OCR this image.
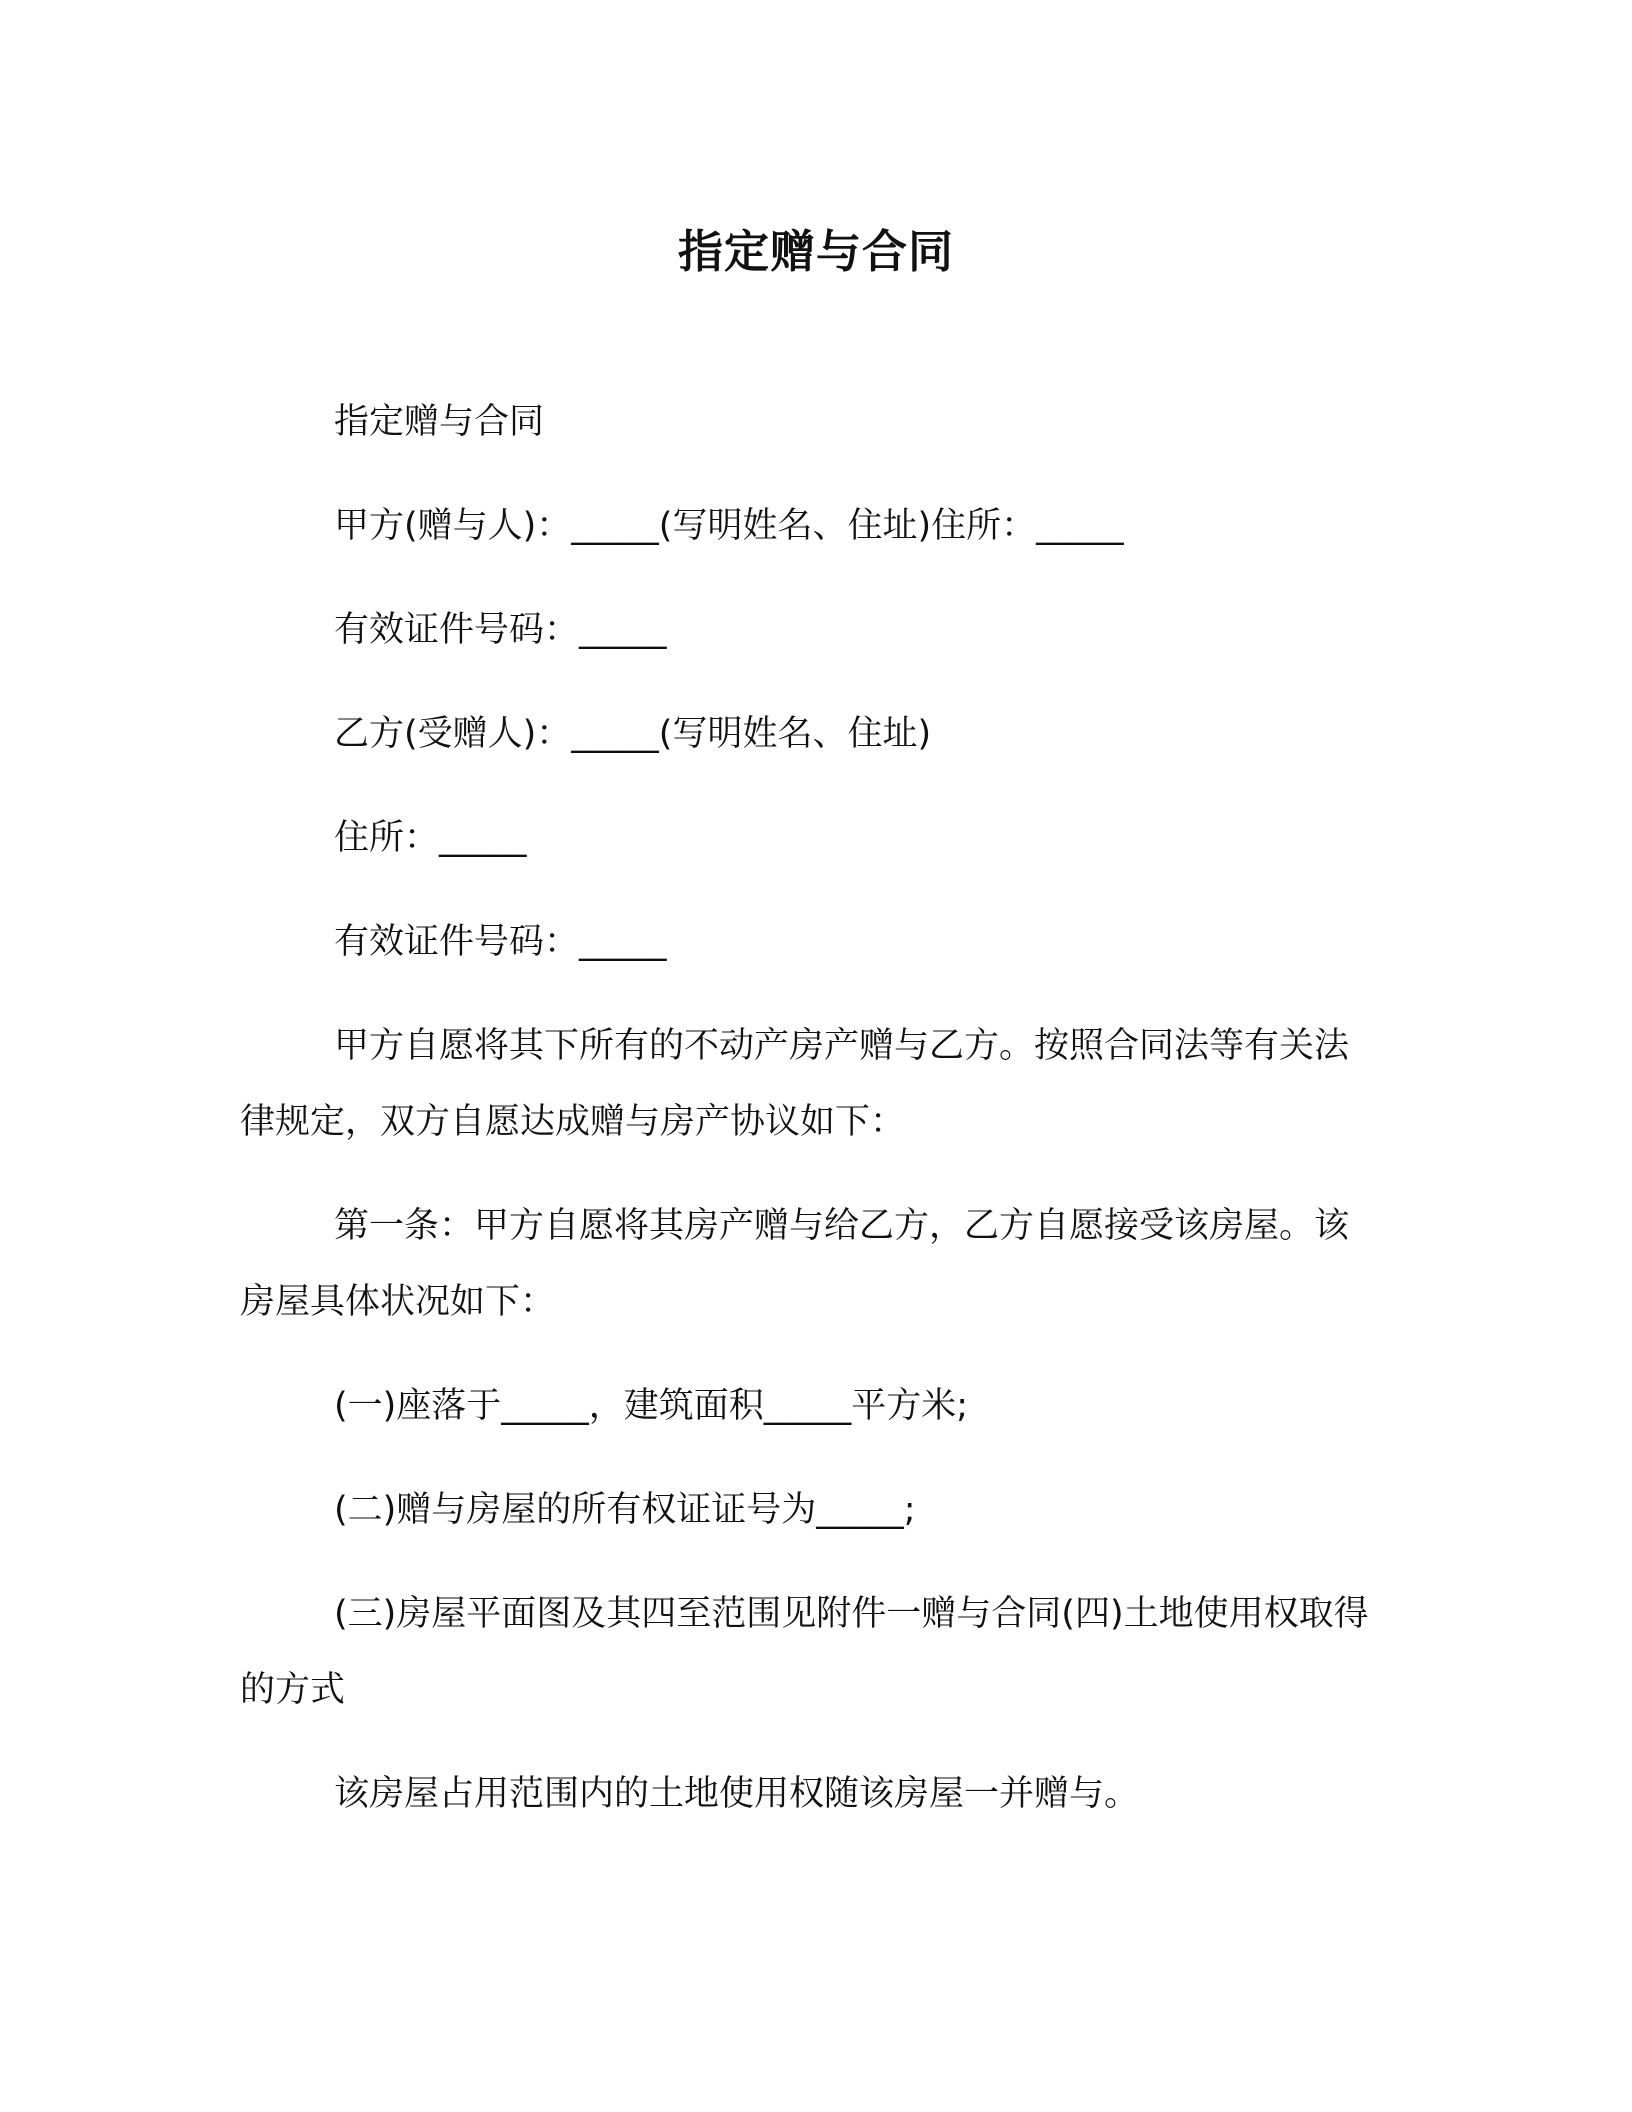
指定赠与合同

指定赠与合同

甲方(赠与人)：_____(写明姓名、住址)住所：_____

有效证件号码：_____

乙方(受赠人)：_____(写明姓名、住址)

住所：_____

有效证件号码：_____

甲方自愿将其下所有的不动产房产赠与乙方。按照合同法等有关法律规定，双方自愿达成赠与房产协议如下：

第一条：甲方自愿将其房产赠与给乙方，乙方自愿接受该房屋。该房屋具体状况如下：

(一)座落于_____，建筑面积_____平方米;

(二)赠与房屋的所有权证证号为_____;

(三)房屋平面图及其四至范围见附件一赠与合同(四)土地使用权取得的方式

该房屋占用范围内的土地使用权随该房屋一并赠与。
